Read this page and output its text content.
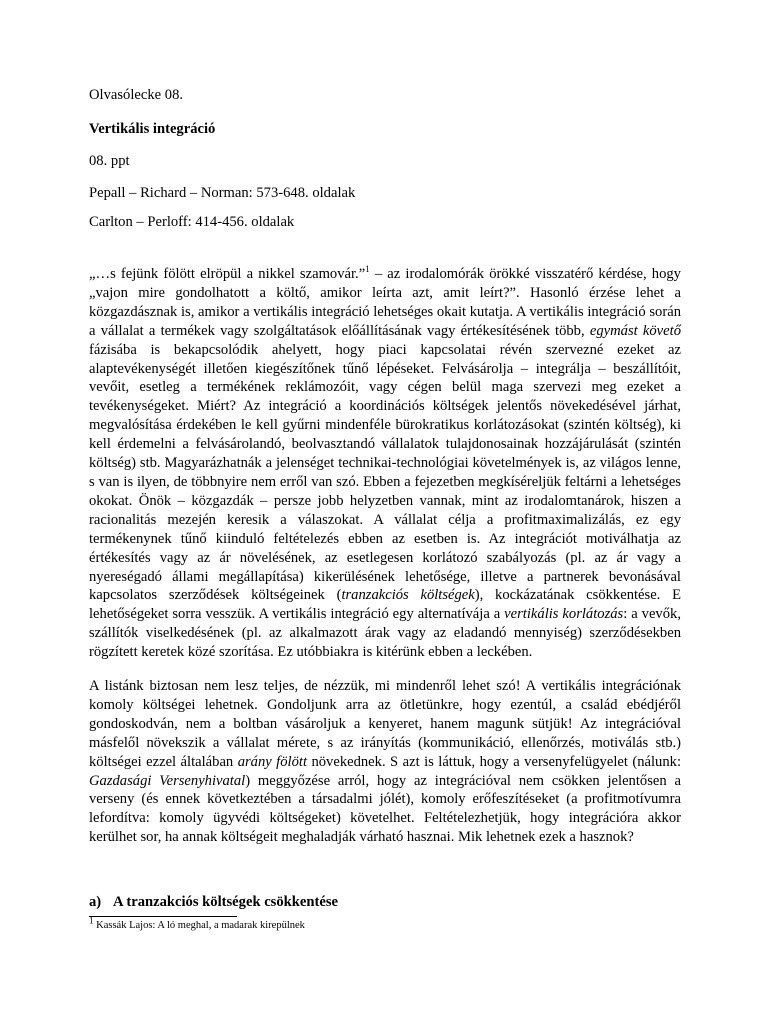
Olvasólecke 08.

Vertikális integráció

08. ppt

Pepall – Richard – Norman: 573-648. oldalak

Carlton – Perloff: 414-456. oldalak

„…s fejünk fölött elröpül a nikkel szamovár.”$^1$ – az irodalomórák örökké visszatérő kérdése, hogy „vajon mire gondolhatott a költő, amikor leírta azt, amit leírt?”. Hasonló érzése lehet a közgazdásznak is, amikor a vertikális integráció lehetséges okait kutatja. A vertikális integráció során a vállalat a termékek vagy szolgáltatások előállításának vagy értékesítésének több, egymást követő fázisába is bekapcsolódik ahelyett, hogy piaci kapcsolatai révén szervezné ezeket az alaptevékenységét illetően kiegészítőnek tűnő lépéseket. Felvásárolja – integrálja – beszállítóit, vevőit, esetleg a termékének reklámozóit, vagy cégen belül maga szervezi meg ezeket a tevékenységeket. Miért? Az integráció a koordinációs költségek jelentős növekedésével járhat, megvalósítása érdekében le kell gyűrni mindenféle bürokratikus korlátozásokat (szintén költség), ki kell érdemelni a felvásárolandó, beolvasztandó vállalatok tulajdonosainak hozzájárulását (szintén költség) stb. Magyarázhatnák a jelenséget technikai-technológiai követelmények is, az világos lenne, s van is ilyen, de többnyire nem erről van szó. Ebben a fejezetben megkíséreljük feltárni a lehetséges okokat. Önök – közgazdák – persze jobb helyzetben vannak, mint az irodalomtanárok, hiszen a racionalitás mezején keresik a válaszokat. A vállalat célja a profitmaximalizálás, ez egy termékenynek tűnő kiinduló feltételezés ebben az esetben is. Az integrációt motiválhatja az értékesítés vagy az ár növelésének, az esetlegesen korlátozó szabályozás (pl. az ár vagy a nyereségadó állami megállapítása) kikerülésének lehetősége, illetve a partnerek bevonásával kapcsolatos szerződések költségeinek (tranzakciós költségek), kockázatának csökkentése. E lehetőségeket sorra vesszük. A vertikális integráció egy alternatívája a vertikális korlátozás: a vevők, szállítók viselkedésének (pl. az alkalmazott árak vagy az eladandó mennyiség) szerződésekben rögzített keretek közé szorítása. Ez utóbbiakra is kitérünk ebben a leckében.

A listánk biztosan nem lesz teljes, de nézzük, mi mindenről lehet szó! A vertikális integrációnak komoly költségei lehetnek. Gondoljunk arra az ötletünkre, hogy ezentúl, a család ebédjéről gondoskodván, nem a boltban vásároljuk a kenyeret, hanem magunk sütjük! Az integrációval másfelől növekszik a vállalat mérete, s az irányítás (kommunikáció, ellenőrzés, motiválás stb.) költségei ezzel általában arány fölött növekednek. S azt is láttuk, hogy a versenyfelügyelet (nálunk: Gazdasági Versenyhivatal) meggyőzése arról, hogy az integrációval nem csökken jelentősen a verseny (és ennek következtében a társadalmi jólét), komoly erőfeszítéseket (a profitmotívumra lefordítva: komoly ügyvédi költségeket) követelhet. Feltételezhetjük, hogy integrációra akkor kerülhet sor, ha annak költségeit meghaladják várható hasznai. Mik lehetnek ezek a hasznok?

a) A tranzakciós költségek csökkentése

1 Kassák Lajos: A ló meghal, a madarak kirepülnek
